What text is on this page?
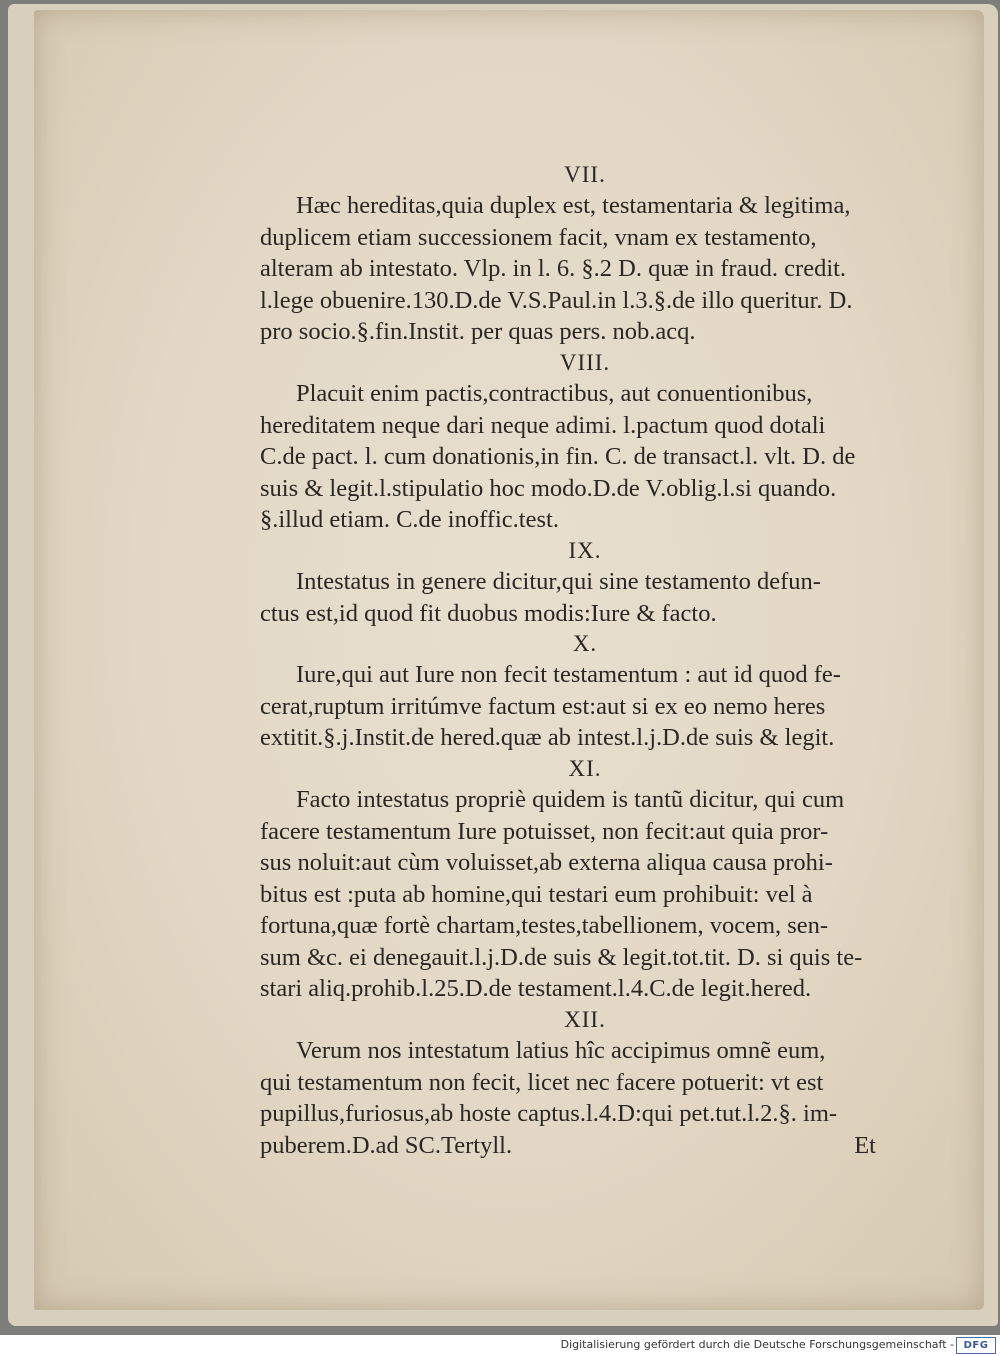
VII.
Hæc hereditas,quia duplex est, testamentaria & legitima,
duplicem etiam successionem facit, vnam ex testamento,
alteram ab intestato. Vlp. in l. 6. §.2 D. quæ in fraud. credit.
l.lege obuenire.130.D.de V.S.Paul.in l.3.§.de illo queritur. D.
pro socio.§.fin.Instit. per quas pers. nob.acq.
VIII.
Placuit enim pactis,contractibus, aut conuentionibus,
hereditatem neque dari neque adimi. l.pactum quod dotali
C.de pact. l. cum donationis,in fin. C. de transact.l. vlt. D. de
suis & legit.l.stipulatio hoc modo.D.de V.oblig.l.si quando.
§.illud etiam. C.de inoffic.test.
IX.
Intestatus in genere dicitur,qui sine testamento defun-
ctus est,id quod fit duobus modis:Iure & facto.
X.
Iure,qui aut Iure non fecit testamentum : aut id quod fe-
cerat,ruptum irritúmve factum est:aut si ex eo nemo heres
extitit.§.j.Instit.de hered.quæ ab intest.l.j.D.de suis & legit.
XI.
Facto intestatus propriè quidem is tantũ dicitur, qui cum
facere testamentum Iure potuisset, non fecit:aut quia pror-
sus noluit:aut cùm voluisset,ab externa aliqua causa prohi-
bitus est :puta ab homine,qui testari eum prohibuit: vel à
fortuna,quæ fortè chartam,testes,tabellionem, vocem, sen-
sum &c. ei denegauit.l.j.D.de suis & legit.tot.tit. D. si quis te-
stari aliq.prohib.l.25.D.de testament.l.4.C.de legit.hered.
XII.
Verum nos intestatum latius hîc accipimus omnẽ eum,
qui testamentum non fecit, licet nec facere potuerit: vt est
pupillus,furiosus,ab hoste captus.l.4.D:qui pet.tut.l.2.§. im-
puberem.D.ad SC.Tertyll.	Et
Digitalisierung gefördert durch die Deutsche Forschungsgemeinschaft - DFG
